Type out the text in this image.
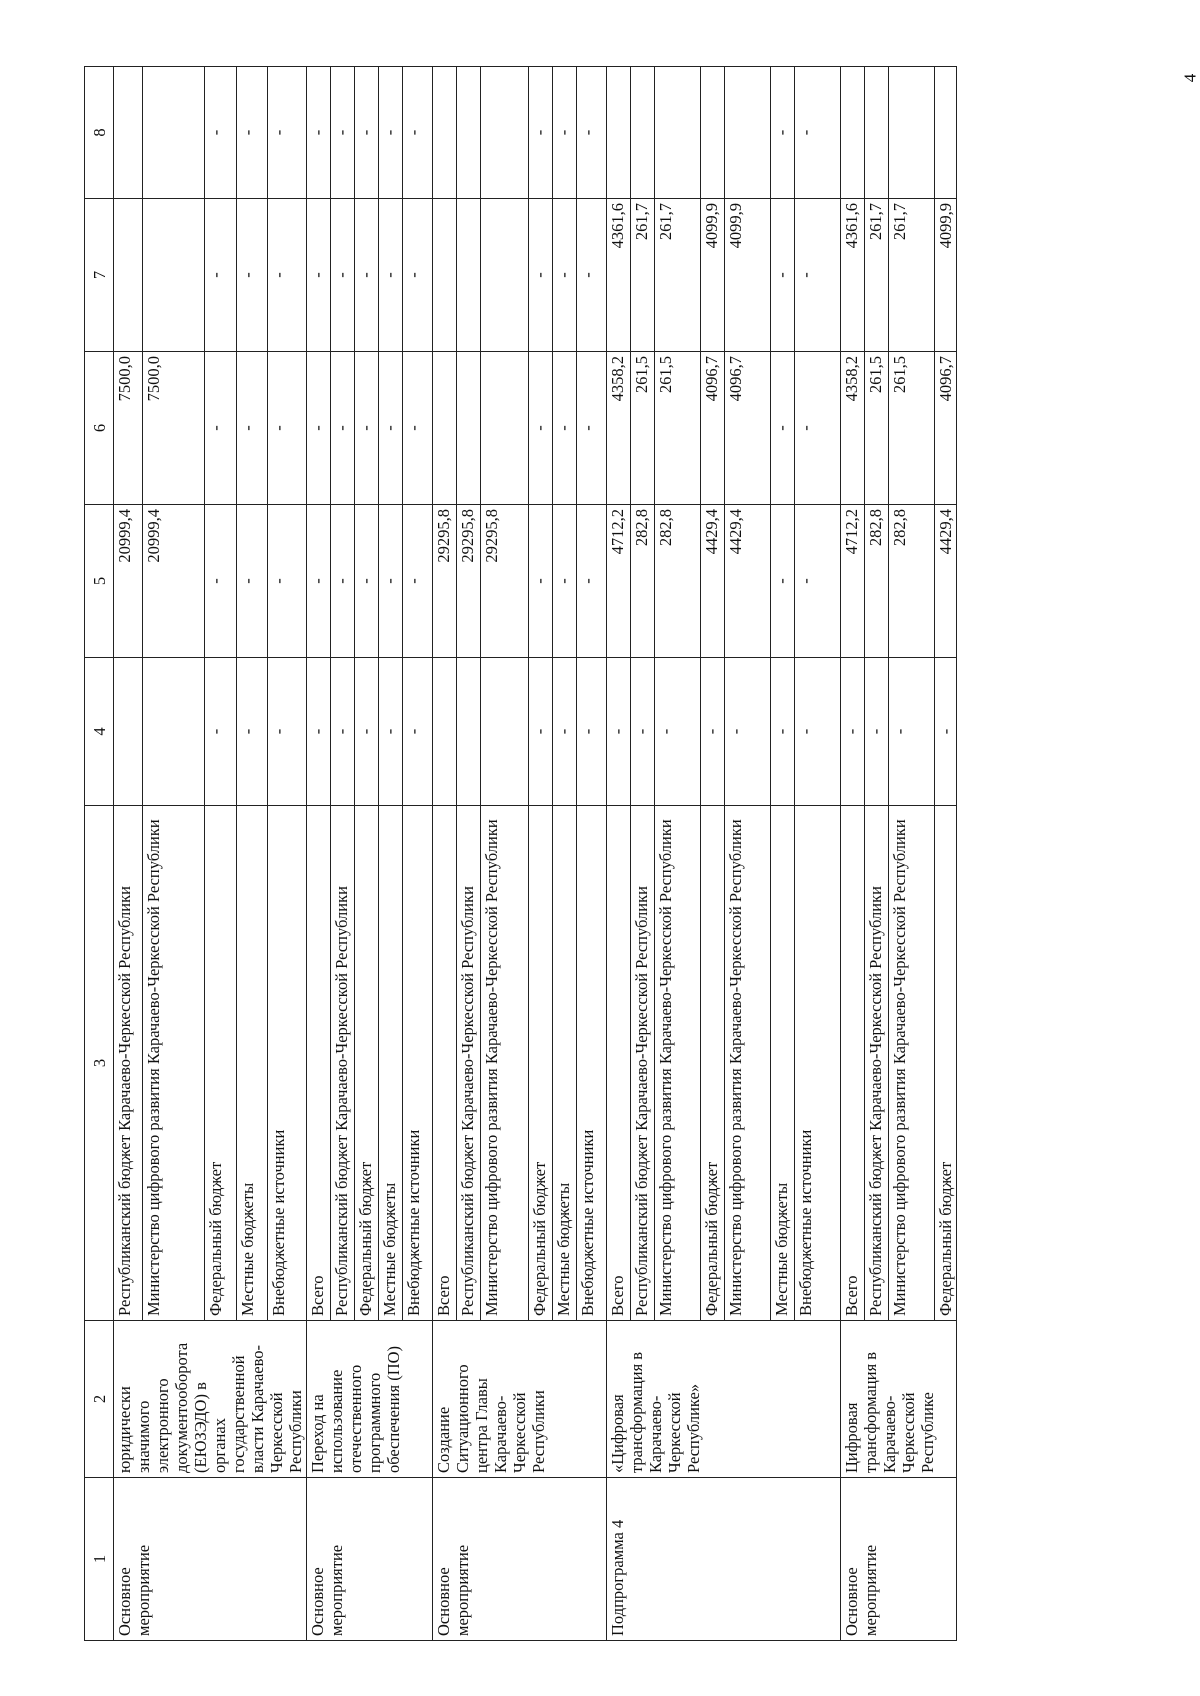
4
1	2	3	4	5	6	7	8
Основное мероприятие	юридически значимого электронного документооборота (ЕЮЗЭДО) в органах государственной власти Карачаево-Черкесской Республики	Республиканский бюджет Карачаево-Черкесской Республики		20999,4	7500,0		
		Министерство цифрового развития Карачаево-Черкесской Республики		20999,4	7500,0		
		Федеральный бюджет	-	-	-	-	-
		Местные бюджеты	-	-	-	-	-
		Внебюджетные источники	-	-	-	-	-
Основное мероприятие	Переход на использование отечественного программного обеспечения (ПО)	Всего	-	-	-	-	-
		Республиканский бюджет Карачаево-Черкесской Республики	-	-	-	-	-
		Федеральный бюджет	-	-	-	-	-
		Местные бюджеты	-	-	-	-	-
		Внебюджетные источники	-	-	-	-	-
Основное мероприятие	Создание Ситуационного центра Главы Карачаево-Черкесской Республики	Всего		29295,8			
		Республиканский бюджет Карачаево-Черкесской Республики		29295,8			
		Министерство цифрового развития Карачаево-Черкесской Республики		29295,8			
		Федеральный бюджет	-	-	-	-	-
		Местные бюджеты	-	-	-	-	-
		Внебюджетные источники	-	-	-	-	-
Подпрограмма 4	«Цифровая трансформация в Карачаево-Черкесской Республике»	Всего	-	4712,2	4358,2	4361,6	
		Республиканский бюджет Карачаево-Черкесской Республики	-	282,8	261,5	261,7	
		Министерство цифрового развития Карачаево-Черкесской Республики	-	282,8	261,5	261,7	
		Федеральный бюджет	-	4429,4	4096,7	4099,9	
		Министерство цифрового развития Карачаево-Черкесской Республики	-	4429,4	4096,7	4099,9	
		Местные бюджеты	-	-	-	-	-
		Внебюджетные источники	-	-	-	-	-
Основное мероприятие	Цифровая трансформация в Карачаево-Черкесской Республике	Всего	-	4712,2	4358,2	4361,6	
		Республиканский бюджет Карачаево-Черкесской Республики	-	282,8	261,5	261,7	
		Министерство цифрового развития Карачаево-Черкесской Республики	-	282,8	261,5	261,7	
		Федеральный бюджет	-	4429,4	4096,7	4099,9	
